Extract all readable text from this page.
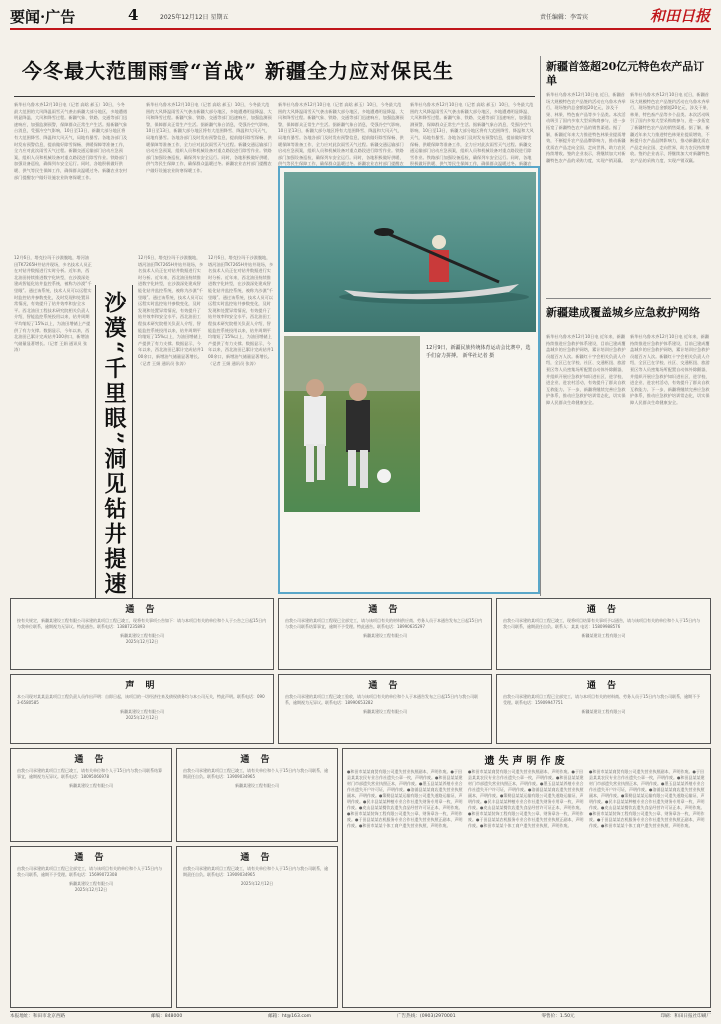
要闻·广告	4	2025年12月12日 星期五	责任编辑：李雪宾	和田日报
今冬最大范围雨雪“首战” 新疆全力应对保民生
新华社乌鲁木齐12月10日电（记者 高晗 郝玉）10日，今冬最大范围的大风降温雨雪天气袭击新疆大部分地区，多地遭遇明显降温、大风和降雪过程。新疆气象、铁路、交通等部门迅速响应，加强监测预警，保障群众正常生产生活。据新疆气象台消息，受强冷空气影响，10日至13日，新疆大部分地区将有大范围降雪、降温和大风天气，局地有暴雪。各地各部门及时发布预警信息，提前做好除雪保畅、供暖保障等准备工作，全力应对此次雨雪天气过程。新疆交通运输部门启动应急预案，组织人员和机械设备对重点路段进行除雪作业。铁路部门加强设备巡检，确保列车安全运行。同时，各地积极做好供暖、供气等民生保障工作，确保群众温暖过冬。新疆农业农村部门提醒农户做好设施农业防寒保暖工作。
新华社乌鲁木齐12月10日电（记者 高晗 郝玉）10日，今冬最大范围的大风降温雨雪天气袭击新疆大部分地区，多地遭遇明显降温、大风和降雪过程。新疆气象、铁路、交通等部门迅速响应，加强监测预警，保障群众正常生产生活。据新疆气象台消息，受强冷空气影响，10日至13日，新疆大部分地区将有大范围降雪、降温和大风天气，局地有暴雪。各地各部门及时发布预警信息，提前做好除雪保畅、供暖保障等准备工作，全力应对此次雨雪天气过程。新疆交通运输部门启动应急预案，组织人员和机械设备对重点路段进行除雪作业。铁路部门加强设备巡检，确保列车安全运行。同时，各地积极做好供暖、供气等民生保障工作，确保群众温暖过冬。新疆农业农村部门提醒农户做好设施农业防寒保暖工作。
新华社乌鲁木齐12月10日电（记者 高晗 郝玉）10日，今冬最大范围的大风降温雨雪天气袭击新疆大部分地区，多地遭遇明显降温、大风和降雪过程。新疆气象、铁路、交通等部门迅速响应，加强监测预警，保障群众正常生产生活。据新疆气象台消息，受强冷空气影响，10日至13日，新疆大部分地区将有大范围降雪、降温和大风天气，局地有暴雪。各地各部门及时发布预警信息，提前做好除雪保畅、供暖保障等准备工作，全力应对此次雨雪天气过程。新疆交通运输部门启动应急预案，组织人员和机械设备对重点路段进行除雪作业。铁路部门加强设备巡检，确保列车安全运行。同时，各地积极做好供暖、供气等民生保障工作，确保群众温暖过冬。新疆农业农村部门提醒农
新华社乌鲁木齐12月10日电（记者 高晗 郝玉）10日，今冬最大范围的大风降温雨雪天气袭击新疆大部分地区，多地遭遇明显降温、大风和降雪过程。新疆气象、铁路、交通等部门迅速响应，加强监测预警，保障群众正常生产生活。据新疆气象台消息，受强冷空气影响，10日至13日，新疆大部分地区将有大范围降雪、降温和大风天气，局地有暴雪。各地各部门及时发布预警信息，提前做好除雪保畅、供暖保障等准备工作，全力应对此次雨雪天气过程。新疆交通运输部门启动应急预案，组织人员和机械设备对重点路段进行除雪作业。铁路部门加强设备巡检，确保列车安全运行。同时，各地积极做好供暖、供气等民生保障工作，确保群众温暖过冬。新疆农
新疆首签超20亿元特色农产品订单
新华社乌鲁木齐12月10日电 近日，新疆首场大规模特色农产品签约活动在乌鲁木齐举行，现场签约总金额超20亿元，涉及干果、林果、特色畜产品等多个品类。本次活动吸引了国内多家大型采购商参与，进一步拓宽了新疆特色农产品的销售渠道。据了解，新疆近年来大力推进特色林果业提质增效，不断提升农产品品牌影响力，推动新疆优质农产品走向全国、走向世界，助力农民持续增收。签约企业表示，将继续加大对新疆特色农产品的采购力度，实现产销双赢。
新华社乌鲁木齐12月10日电 近日，新疆首场大规模特色农产品签约活动在乌鲁木齐举行，现场签约总金额超20亿元，涉及干果、林果、特色畜产品等多个品类。本次活动吸引了国内多家大型采购商参与，进一步拓宽了新疆特色农产品的销售渠道。据了解，新疆近年来大力推进特色林果业提质增效，不断提升农产品品牌影响力，推动新疆优质农产品走向全国、走向世界，助力农民持续增收。签约企业表示，将继续加大对新疆特色农产品的采购力度，实现产销双赢。
沙漠“千里眼”洞见钻井提速
12月6日，塔克拉玛干沙漠腹地，塔河油田TK7265H井钻井现场，多名技术人员正在对钻井数据进行实时分析。近年来，西北油田持续推进数字化转型，在沙漠深处建成智能化钻井监控系统，被称为沙漠“千里眼”。通过该系统，技术人员可以远程实时监控钻井参数变化，及时发现和处置异常情况，有效提升了钻井效率和安全水平。西北油田工程技术研究院相关负责人介绍，智能监控系统投用以来，钻井周期平均缩短了15%以上，为油田增储上产提供了有力支撑。数据显示，今年以来，西北油田已累计完成钻井100余口，新增油气储量显著增长。（记者 王娟 通讯员 张涛）
12月6日，塔克拉玛干沙漠腹地，塔河油田TK7265H井钻井现场，多名技术人员正在对钻井数据进行实时分析。近年来，西北油田持续推进数字化转型，在沙漠深处建成智能化钻井监控系统，被称为沙漠“千里眼”。通过该系统，技术人员可以远程实时监控钻井参数变化，及时发现和处置异常情况，有效提升了钻井效率和安全水平。西北油田工程技术研究院相关负责人介绍，智能监控系统投用以来，钻井周期平均缩短了15%以上，为油田增储上产提供了有力支撑。数据显示，今年以来，西北油田已累计完成钻井100余口，新增油气储量显著增长。（记者 王娟 通讯员 张涛）
12月6日，塔克拉玛干沙漠腹地，塔河油田TK7265H井钻井现场，多名技术人员正在对钻井数据进行实时分析。近年来，西北油田持续推进数字化转型，在沙漠深处建成智能化钻井监控系统，被称为沙漠“千里眼”。通过该系统，技术人员可以远程实时监控钻井参数变化，及时发现和处置异常情况，有效提升了钻井效率和安全水平。西北油田工程技术研究院相关负责人介绍，智能监控系统投用以来，钻井周期平均缩短了15%以上，为油田增储上产提供了有力支撑。数据显示，今年以来，西北油田已累计完成钻井100余口，新增油气储量显著增长。（记者 王娟 通讯员 张涛）
12月9日，新疆民族传统体育运动会比赛中，选手们奋力拼搏。 新华社记者 摄
新疆建成覆盖城乡应急救护网络
新华社乌鲁木齐12月10日电 近年来，新疆持续推进应急救护体系建设，目前已建成覆盖城乡的应急救护网络，累计培训应急救护员超百万人次。新疆红十字会相关负责人介绍，全区已在学校、社区、交通枢纽、旅游景区等人员密集场所配置自动体外除颤器，并组织开展应急救护知识进社区、进学校、进企业、进农村活动，有效提升了群众自救互救能力。下一步，新疆将继续完善应急救护体系，推动应急救护培训常态化，切实保障人民群众生命健康安全。
新华社乌鲁木齐12月10日电 近年来，新疆持续推进应急救护体系建设，目前已建成覆盖城乡的应急救护网络，累计培训应急救护员超百万人次。新疆红十字会相关负责人介绍，全区已在学校、社区、交通枢纽、旅游景区等人员密集场所配置自动体外除颤器，并组织开展应急救护知识进社区、进学校、进企业、进农村活动，有效提升了群众自救互救能力。下一步，新疆将继续完善应急救护体系，推动应急救护培训常态化，切实保障人民群众生命健康安全。
通 告
按有关规定，新疆某建设工程有限公司承建的某项目工程已竣工，现将有关事项公告如下：请与本项目有关的单位和个人于公告之日起15日内与我单位联系，逾期视为无异议。特此通告。联系电话：13887235893
新疆某建设工程有限公司
2025年12月12日
通 告
由我公司承建的某项目工程现已全部完工，请与该项目有关的材料供应商、劳务人员于本通告发布之日起15日内与我公司联系结算事宜，逾期不予受理。特此通告。联系电话：18990635297
新疆某建设工程有限公司
通 告
由我公司承建的某项目工程已竣工，现将项目结算有关事项予以通告，请与该项目有关的单位和个人于15日内与我公司联系，逾期责任自负。联系人：某某 电话：15809988576
新疆某建设工程有限公司
声 明
本公司现对某某县某项目工程负责人员作出声明：自即日起，该项目的一切经济往来及债权债务均与本公司无关，特此声明。联系电话：0903-6580585
新疆某建设工程有限公司
2025年12月12日
通 告
由我公司承建的某项目工程已竣工验收，请与该项目有关的单位和个人于本通告发布之日起15日内与我公司联系，逾期视为无异议。联系电话：18990653282
新疆某建设工程有限公司
通 告
由我公司承建的某项目工程已全部完工，请与本项目有关的材料商、劳务人员于15日内与我公司联系，逾期不予受理。联系电话：15909947751
新疆某建设工程有限公司
通 告
由我公司承建的某项目工程已竣工，请有关单位和个人于15日内与我公司联系结算事宜，逾期视为无异议。联系电话：18095066978
新疆某建设工程有限公司
通 告
由我公司承建的某项目工程已竣工，请有关单位和个人于15日内与我公司联系，逾期责任自负。联系电话：13909034965
新疆某建设工程有限公司
通 告
由我公司承建的某项目工程已全部完工，请与该项目有关的单位和个人于15日内与我公司联系，逾期不予受理。联系电话：15699072308
新疆某建设工程有限公司
2025年12月12日
通 告
由我公司承建的某项目工程已竣工，请有关单位和个人于15日内与我公司联系，逾期责任自负。联系电话：13909034965
2025年12月12日
遗失声明作废
●和田市某某商贸有限公司遗失营业执照副本，声明作废。●于田县某某农民专业合作社遗失公章一枚，声明作废。●和田县某某建材门市部遗失营业执照正本，声明作废。●墨玉县某某养殖专业合作社遗失开户许可证，声明作废。●洛浦县某某商店遗失营业执照副本，声明作废。●策勒县某某运输有限公司遗失道路运输证，声明作废。●民丰县某某种植专业合作社遗失财务专用章一枚，声明作废。●皮山县某某餐饮店遗失食品经营许可证正本，声明作废。●和田市某某装饰工程有限公司遗失公章、财务章各一枚，声明作废。●于田县某某农机服务专业合作社遗失营业执照正副本，声明作废。●和田市某某个体工商户遗失营业执照，声明作废。
●和田市某某商贸有限公司遗失营业执照副本，声明作废。●于田县某某农民专业合作社遗失公章一枚，声明作废。●和田县某某建材门市部遗失营业执照正本，声明作废。●墨玉县某某养殖专业合作社遗失开户许可证，声明作废。●洛浦县某某商店遗失营业执照副本，声明作废。●策勒县某某运输有限公司遗失道路运输证，声明作废。●民丰县某某种植专业合作社遗失财务专用章一枚，声明作废。●皮山县某某餐饮店遗失食品经营许可证正本，声明作废。●和田市某某装饰工程有限公司遗失公章、财务章各一枚，声明作废。●于田县某某农机服务专业合作社遗失营业执照正副本，声明作废。●和田市某某个体工商户遗失营业执照，声明作废。
●和田市某某商贸有限公司遗失营业执照副本，声明作废。●于田县某某农民专业合作社遗失公章一枚，声明作废。●和田县某某建材门市部遗失营业执照正本，声明作废。●墨玉县某某养殖专业合作社遗失开户许可证，声明作废。●洛浦县某某商店遗失营业执照副本，声明作废。●策勒县某某运输有限公司遗失道路运输证，声明作废。●民丰县某某种植专业合作社遗失财务专用章一枚，声明作废。●皮山县某某餐饮店遗失食品经营许可证正本，声明作废。●和田市某某装饰工程有限公司遗失公章、财务章各一枚，声明作废。●于田县某某农机服务专业合作社遗失营业执照正副本，声明作废。●和田市某某个体工商户遗失营业执照，声明作废。
本报地址：和田市北京西路	邮编：848000	邮箱：ht@163.com	广告热线：(0903)2970001	零售价：1.50元	印刷：和田日报社印刷厂
